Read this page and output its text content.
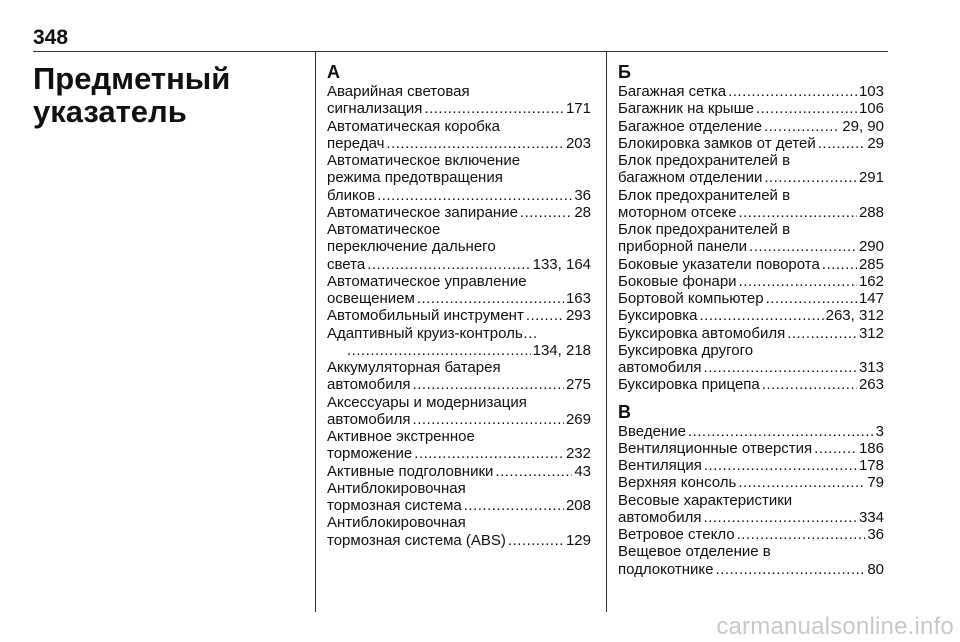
348
Предметный
указатель
А
Аварийная световая
сигнализация .....	171
Автоматическая коробка
передач .....	203
Автоматическое включение
режима предотвращения
бликов .....	36
Автоматическое запирание .....	28
Автоматическое
переключение дальнего
света .....	133, 164
Автоматическое управление
освещением .....	163
Автомобильный инструмент .....	293
Адаптивный круиз-контроль…
.....
134, 218
Аккумуляторная батарея
автомобиля .....	275
Аксессуары и модернизация
автомобиля .....	269
Активное экстренное
торможение .....	232
Активные подголовники .....	43
Антиблокировочная
тормозная система .....	208
Антиблокировочная
тормозная система (ABS) .....	129
Б
Багажная сетка .....	103
Багажник на крыше .....	106
Багажное отделение .....	29, 90
Блокировка замков от детей .....	29
Блок предохранителей в
багажном отделении .....	291
Блок предохранителей в
моторном отсеке .....	288
Блок предохранителей в
приборной панели .....	290
Боковые указатели поворота .....	285
Боковые фонари .....	162
Бортовой компьютер .....	147
Буксировка .....	263, 312
Буксировка автомобиля .....	312
Буксировка другого
автомобиля .....	313
Буксировка прицепа .....	263
В
Введение .....	3
Вентиляционные отверстия .....	186
Вентиляция .....	178
Верхняя консоль .....	79
Весовые характеристики
автомобиля .....	334
Ветровое стекло .....	36
Вещевое отделение в
подлокотнике .....	80
carmanualsonline.info
